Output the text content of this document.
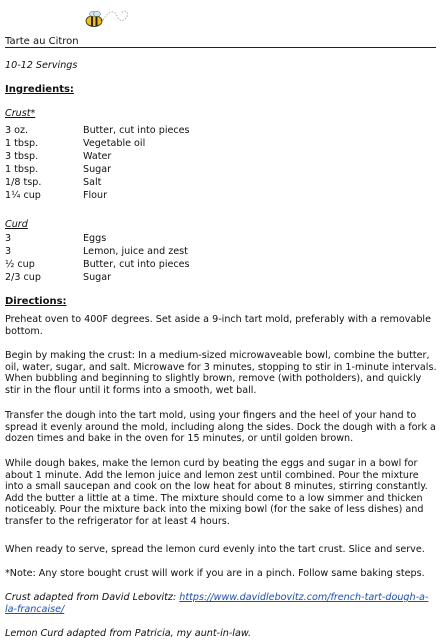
Tarte au Citron
10-12 Servings
Ingredients:
Crust*
3 oz.	Butter, cut into pieces
1 tbsp.	Vegetable oil
3 tbsp.	Water
1 tbsp.	Sugar
1/8 tsp.	Salt
1¼ cup	Flour
Curd
3	Eggs
3	Lemon, juice and zest
½ cup	Butter, cut into pieces
2/3 cup	Sugar
Directions:
Preheat oven to 400F degrees. Set aside a 9-inch tart mold, preferably with a removable bottom.
Begin by making the crust: In a medium-sized microwaveable bowl, combine the butter, oil, water, sugar, and salt. Microwave for 3 minutes, stopping to stir in 1-minute intervals. When bubbling and beginning to slightly brown, remove (with potholders), and quickly stir in the flour until it forms into a smooth, wet ball.
Transfer the dough into the tart mold, using your fingers and the heel of your hand to spread it evenly around the mold, including along the sides. Dock the dough with a fork a dozen times and bake in the oven for 15 minutes, or until golden brown.
While dough bakes, make the lemon curd by beating the eggs and sugar in a bowl for about 1 minute. Add the lemon juice and lemon zest until combined. Pour the mixture into a small saucepan and cook on the low heat for about 8 minutes, stirring constantly. Add the butter a little at a time. The mixture should come to a low simmer and thicken noticeably. Pour the mixture back into the mixing bowl (for the sake of less dishes) and transfer to the refrigerator for at least 4 hours.
When ready to serve, spread the lemon curd evenly into the tart crust. Slice and serve.
*Note: Any store bought crust will work if you are in a pinch. Follow same baking steps.
Crust adapted from David Lebovitz: https://www.davidlebovitz.com/french-tart-dough-a-la-francaise/
Lemon Curd adapted from Patricia, my aunt-in-law.
